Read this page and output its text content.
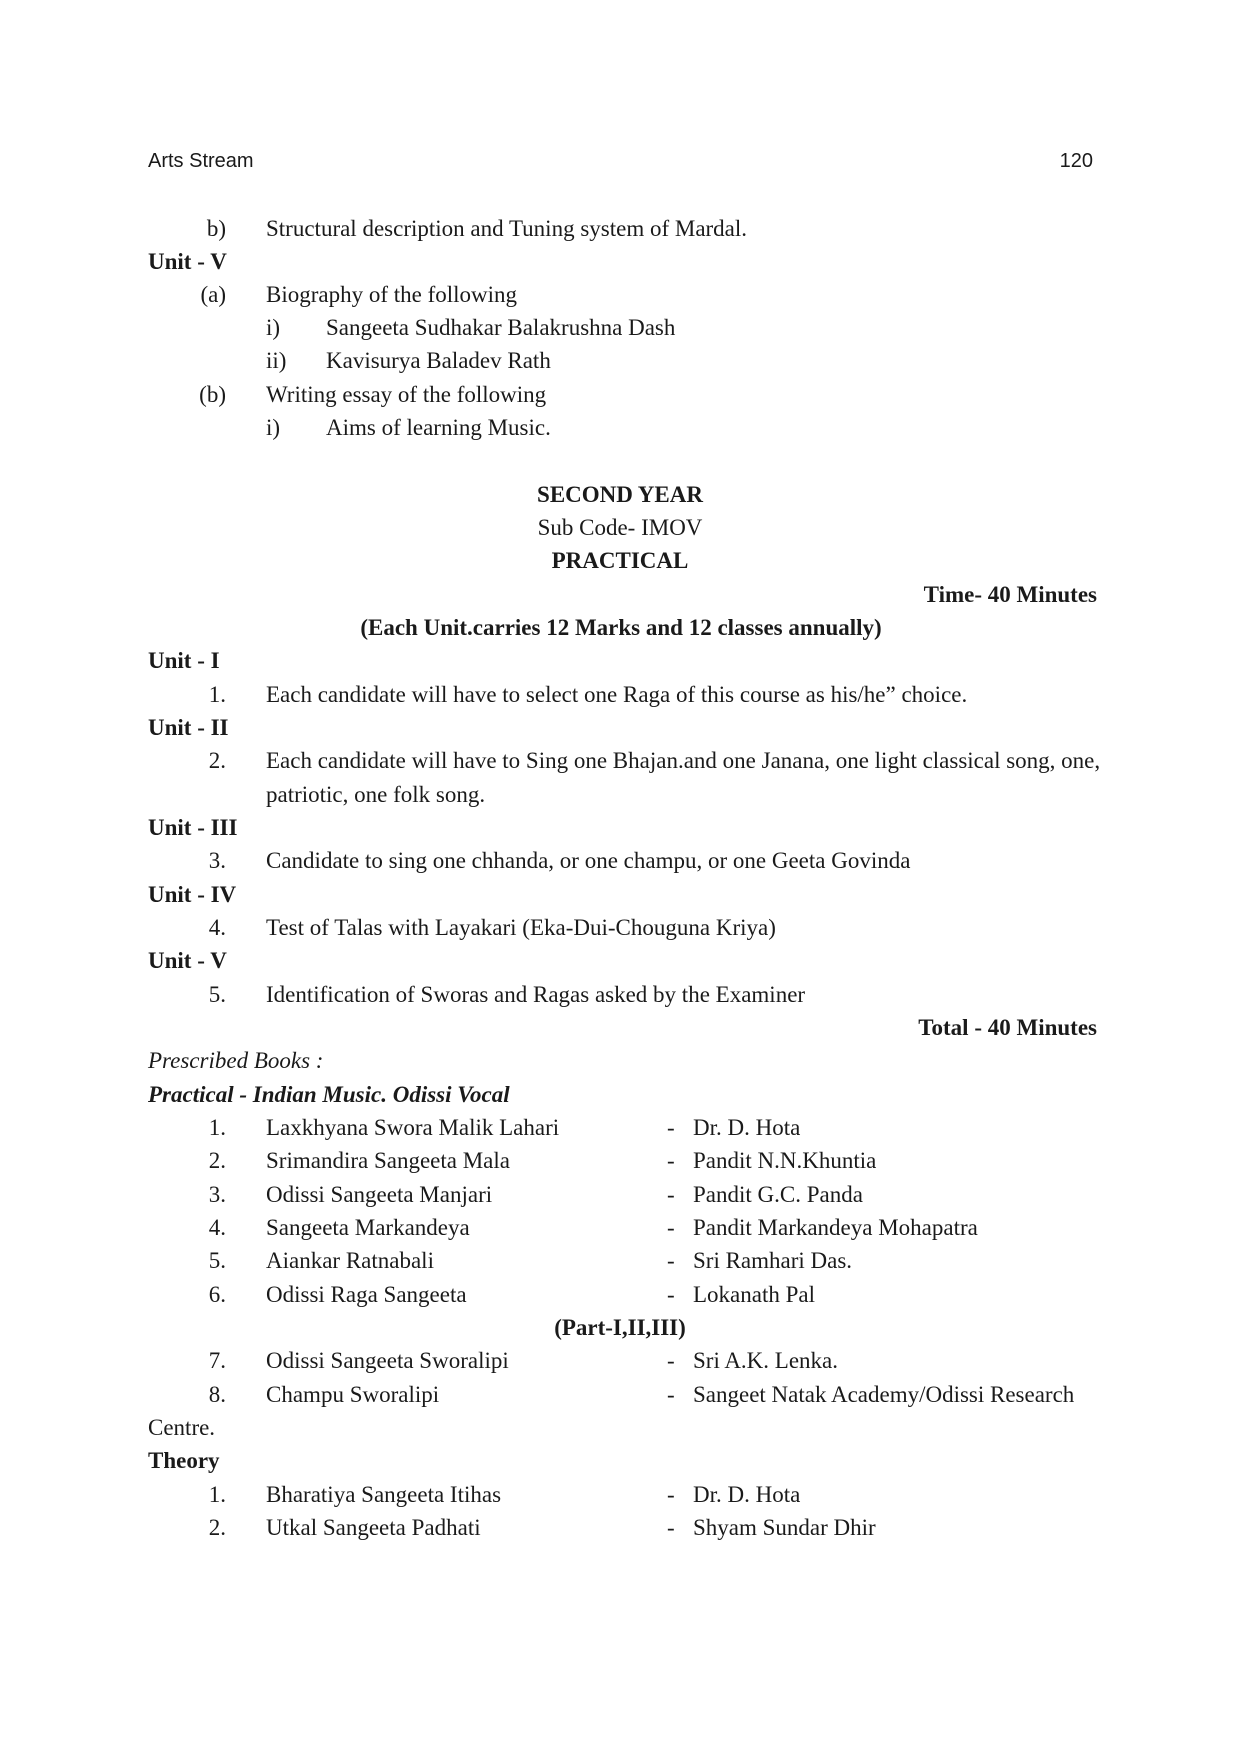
Arts Stream	120
b) Structural description and Tuning system of Mardal.
Unit - V
(a) Biography of the following
i) Sangeeta Sudhakar Balakrushna Dash
ii) Kavisurya Baladev Rath
(b) Writing essay of the following
i) Aims of learning Music.
SECOND YEAR
Sub Code- IMOV
PRACTICAL
Time- 40 Minutes
(Each Unit.carries 12 Marks and 12 classes annually)
Unit - I
1. Each candidate will have to select one Raga of this course as his/he” choice.
Unit - II
2. Each candidate will have to Sing one Bhajan.and one Janana, one light classical song, one,
patriotic, one folk song.
Unit - III
3. Candidate to sing one chhanda, or one champu, or one Geeta Govinda
Unit - IV
4. Test of Talas with Layakari (Eka-Dui-Chouguna Kriya)
Unit - V
5. Identification of Sworas and Ragas asked by the Examiner
Total - 40 Minutes
Prescribed Books :
Practical - Indian Music. Odissi Vocal
1. Laxkhyana Swora Malik Lahari	- Dr. D. Hota
2. Srimandira Sangeeta Mala	- Pandit N.N.Khuntia
3. Odissi Sangeeta Manjari	- Pandit G.C. Panda
4. Sangeeta Markandeya	- Pandit Markandeya Mohapatra
5. Aiankar Ratnabali	- Sri Ramhari Das.
6. Odissi Raga Sangeeta	- Lokanath Pal
(Part-I,II,III)
7. Odissi Sangeeta Sworalipi	- Sri A.K. Lenka.
8. Champu Sworalipi	- Sangeet Natak Academy/Odissi Research
Centre.
Theory
1. Bharatiya Sangeeta Itihas	- Dr. D. Hota
2. Utkal Sangeeta Padhati	- Shyam Sundar Dhir
